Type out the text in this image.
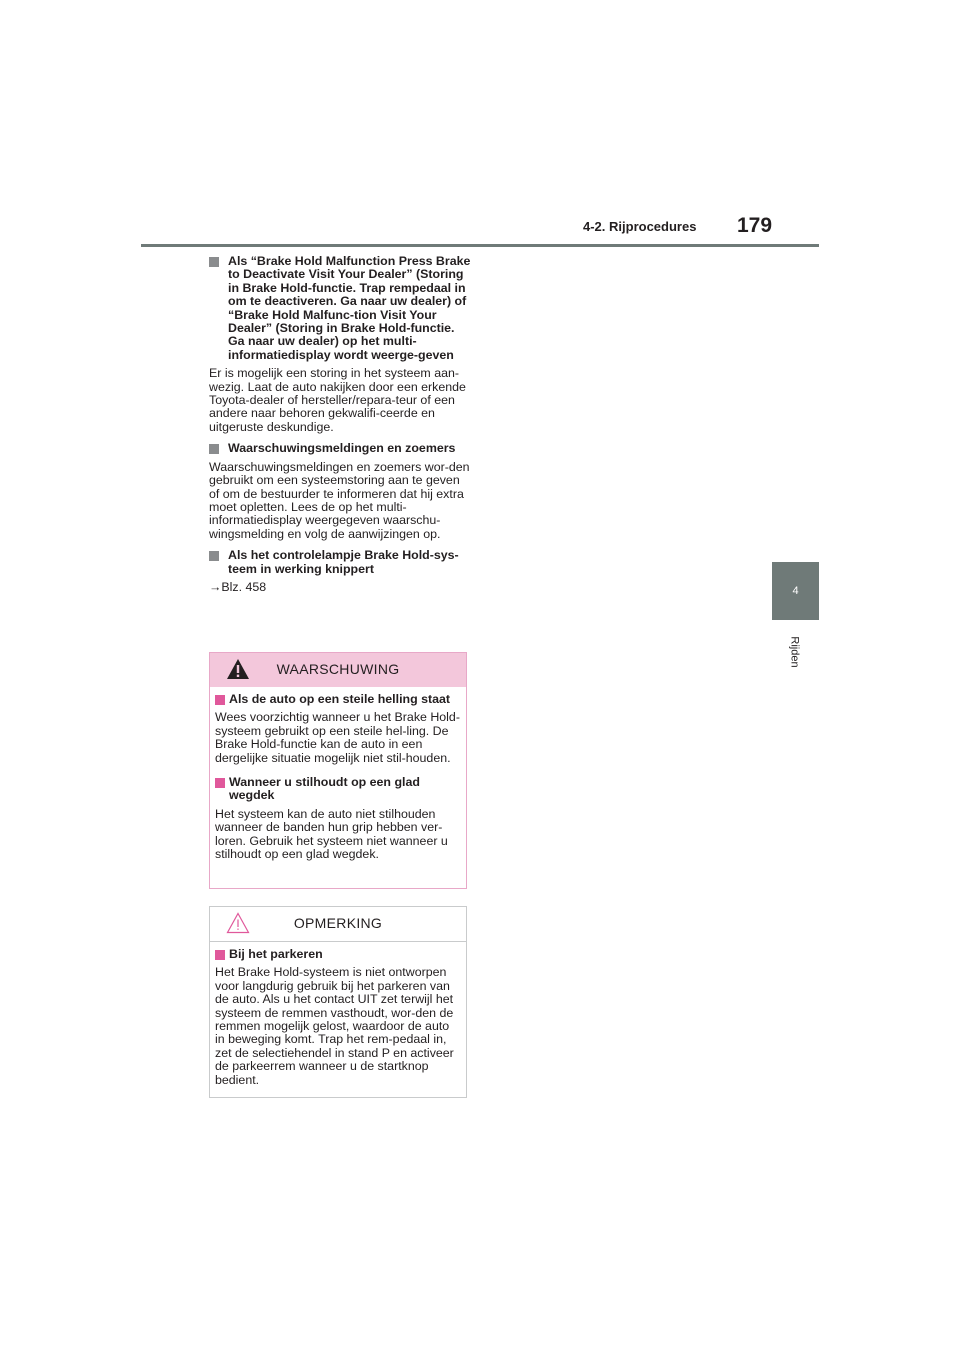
4-2. Rijprocedures 179
4
Rijden
Als “Brake Hold Malfunction Press Brake to Deactivate Visit Your Dealer” (Storing in Brake Hold-functie. Trap rempedaal in om te deactiveren. Ga naar uw dealer) of “Brake Hold Malfunc-tion Visit Your Dealer” (Storing in Brake Hold-functie. Ga naar uw dealer) op het multi-informatiedisplay wordt weerge-geven

Er is mogelijk een storing in het systeem aan-wezig. Laat de auto nakijken door een erkende Toyota-dealer of hersteller/repara-teur of een andere naar behoren gekwalifi-ceerde en uitgeruste deskundige.

Waarschuwingsmeldingen en zoemers

Waarschuwingsmeldingen en zoemers wor-den gebruikt om een systeemstoring aan te geven of om de bestuurder te informeren dat hij extra moet opletten. Lees de op het multi-informatiedisplay weergegeven waarschu-wingsmelding en volg de aanwijzingen op.

Als het controlelampje Brake Hold-sys-teem in werking knippert

→Blz. 458

WAARSCHUWING
Als de auto op een steile helling staat

Wees voorzichtig wanneer u het Brake Hold-systeem gebruikt op een steile hel-ling. De Brake Hold-functie kan de auto in een dergelijke situatie mogelijk niet stil-houden.

Wanneer u stilhoudt op een glad wegdek

Het systeem kan de auto niet stilhouden wanneer de banden hun grip hebben ver-loren. Gebruik het systeem niet wanneer u stilhoudt op een glad wegdek.

OPMERKING
Bij het parkeren

Het Brake Hold-systeem is niet ontworpen voor langdurig gebruik bij het parkeren van de auto. Als u het contact UIT zet terwijl het systeem de remmen vasthoudt, wor-den de remmen mogelijk gelost, waardoor de auto in beweging komt. Trap het rem-pedaal in, zet de selectiehendel in stand P en activeer de parkeerrem wanneer u de startknop bedient.
